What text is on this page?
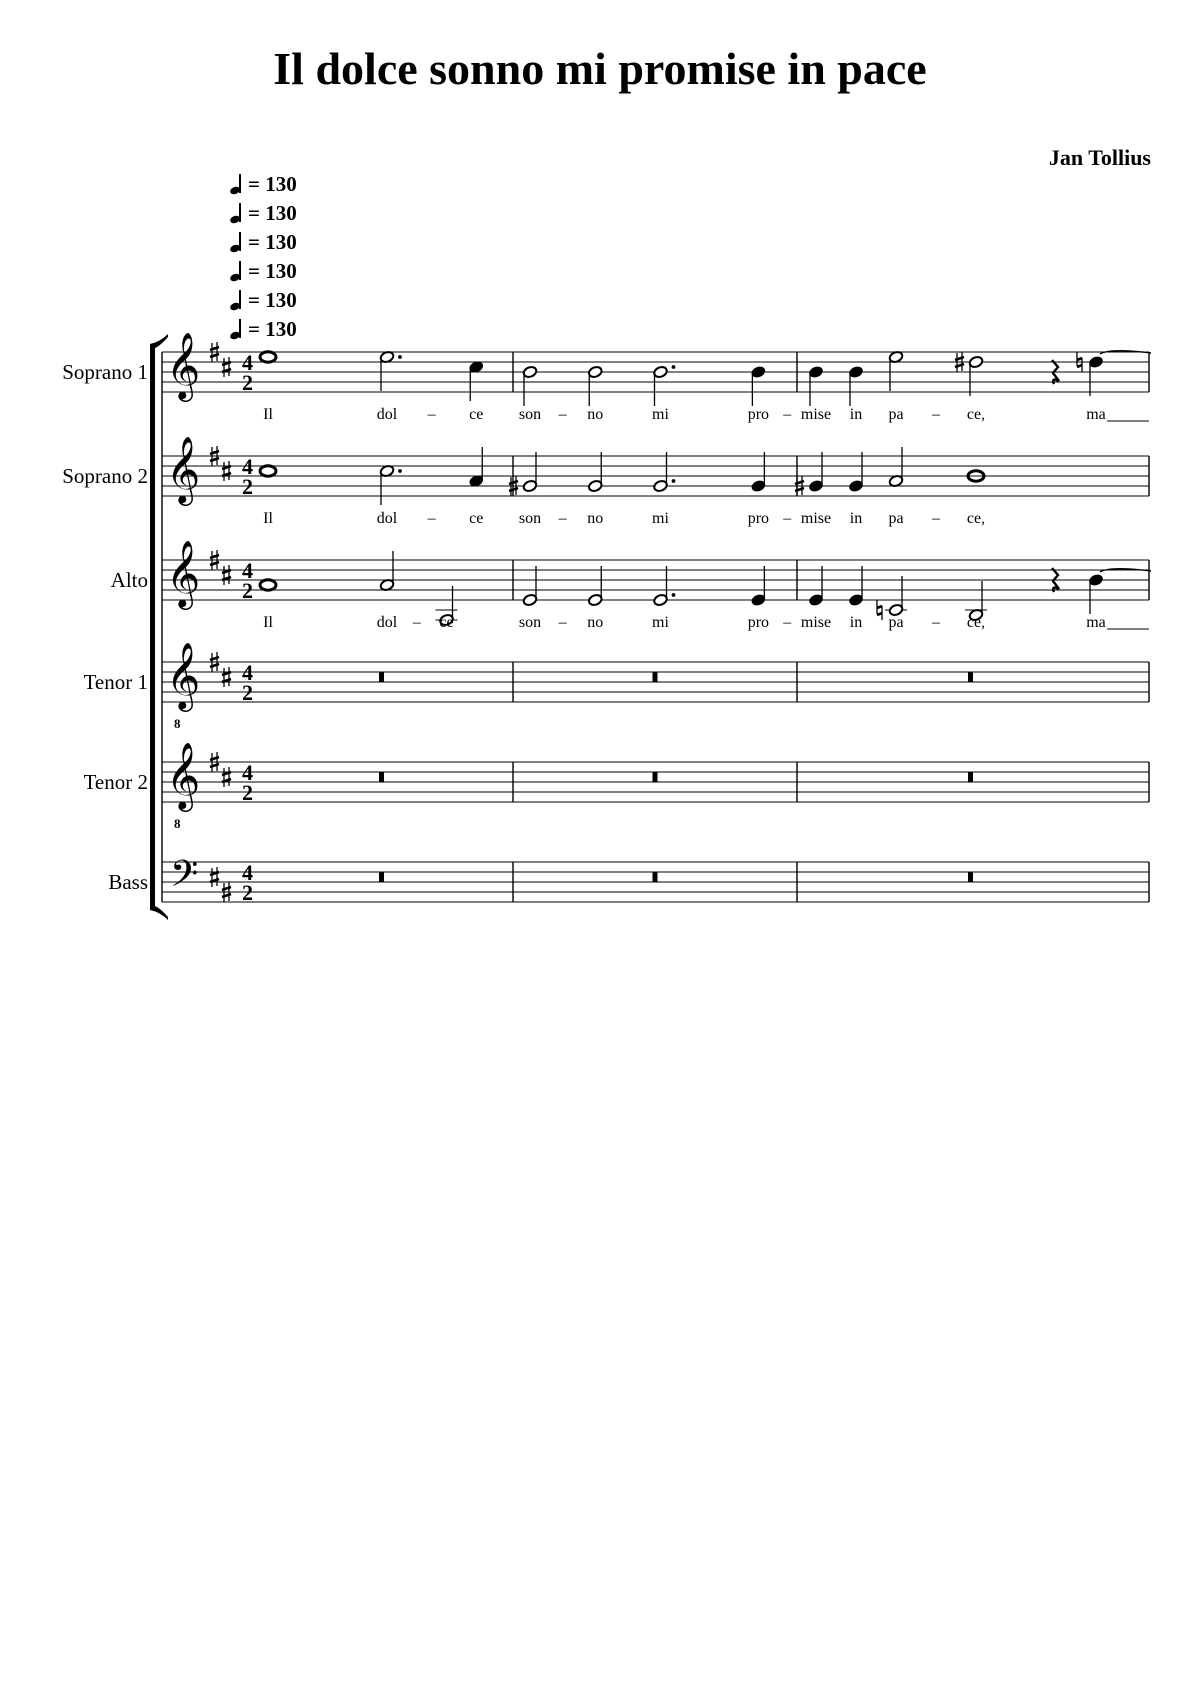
Il dolce sonno mi promise in pace
Jan Tollius
= 130
= 130
= 130
= 130
= 130
= 130
Soprano 1
Soprano 2
Alto
Tenor 1
Tenor 2
Bass
𝄞 4
2
Il	dol – ce son – no	mi	pro – mise in pa – ce,	ma
𝄞 4
2
Il	dol – ce son – no	mi	pro – mise in pa – ce,
𝄞 4
2
Il	dol – ce	son – no	mi	pro – mise in pa – ce,	ma
𝄞
8
4
2
𝄞
8
4
2
𝄢 4
2
